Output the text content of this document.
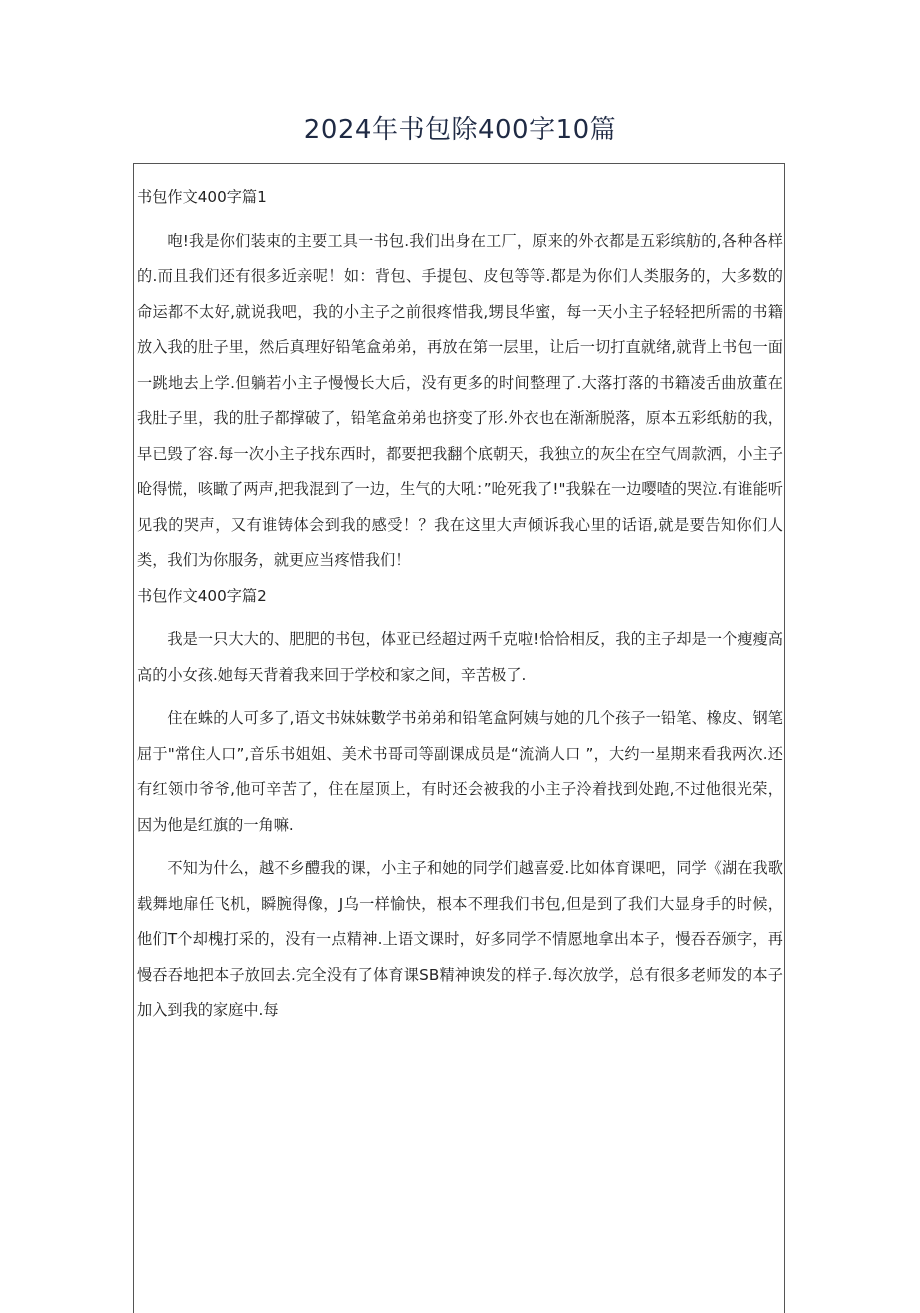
2024年书包除400字10篇

书包作文400字篇1

咆!我是你们装束的主要工具一书包.我们出身在工厂，原来的外衣都是五彩缤舫的,各种各样的.而且我们还有很多近亲呢！如：背包、手提包、皮包等等.都是为你们人类服务的，大多数的命运都不太好,就说我吧，我的小主子之前很疼惜我,甥艮华蜜，每一天小主子轻轻把所需的书籍放入我的肚子里，然后真理好铅笔盒弟弟，再放在第一层里，让后一切打直就绪,就背上书包一面一跳地去上学.但躺若小主子慢慢长大后，没有更多的时间整理了.大落打落的书籍凌舌曲放董在我肚子里，我的肚子都撑破了，铅笔盒弟弟也挤变了形.外衣也在渐渐脱落，原本五彩纸舫的我，早已毁了容.每一次小主子找东西时，都要把我翻个底朝天，我独立的灰尘在空气周款洒，小主子呛得慌，咳瞰了两声,把我混到了一边，生气的大吼：”呛死我了!"我躲在一边嘤喳的哭泣.有谁能听见我的哭声，又有谁铸体会到我的感受！？我在这里大声倾诉我心里的话语,就是要告知你们人类，我们为你服务，就更应当疼惜我们！

书包作文400字篇2

我是一只大大的、肥肥的书包，体亚已经超过两千克啦!恰恰相反，我的主子却是一个瘦瘦高高的小女孩.她每天背着我来回于学校和家之间，辛苦极了.

住在蛛的人可多了,语文书妹妹數学书弟弟和铅笔盒阿姨与她的几个孩子一铅笔、橡皮、钢笔屈于"常住人口”,音乐书姐姐、美术书哥司等副课成员是“流淌人口 ”，大约一星期来看我两次.还有红领巾爷爷,他可辛苦了，住在屋顶上，有时还会被我的小主子泠着找到处跑,不过他很光荣，因为他是红旗的一角嘛.

不知为什么，越不乡醴我的课，小主子和她的同学们越喜爱.比如体育课吧，同学《湖在我歌载舞地扉任飞机，瞬腕得像，J乌一样愉快，根本不理我们书包,但是到了我们大显身手的时候，他们T个却槐打采的，没有一点精神.上语文课时，好多同学不情愿地拿出本子，慢吞吞颁字，再慢吞吞地把本子放回去.完全没有了体育课SB精神谀发的样子.每次放学，总有很多老师发的本子加入到我的家庭中.每
